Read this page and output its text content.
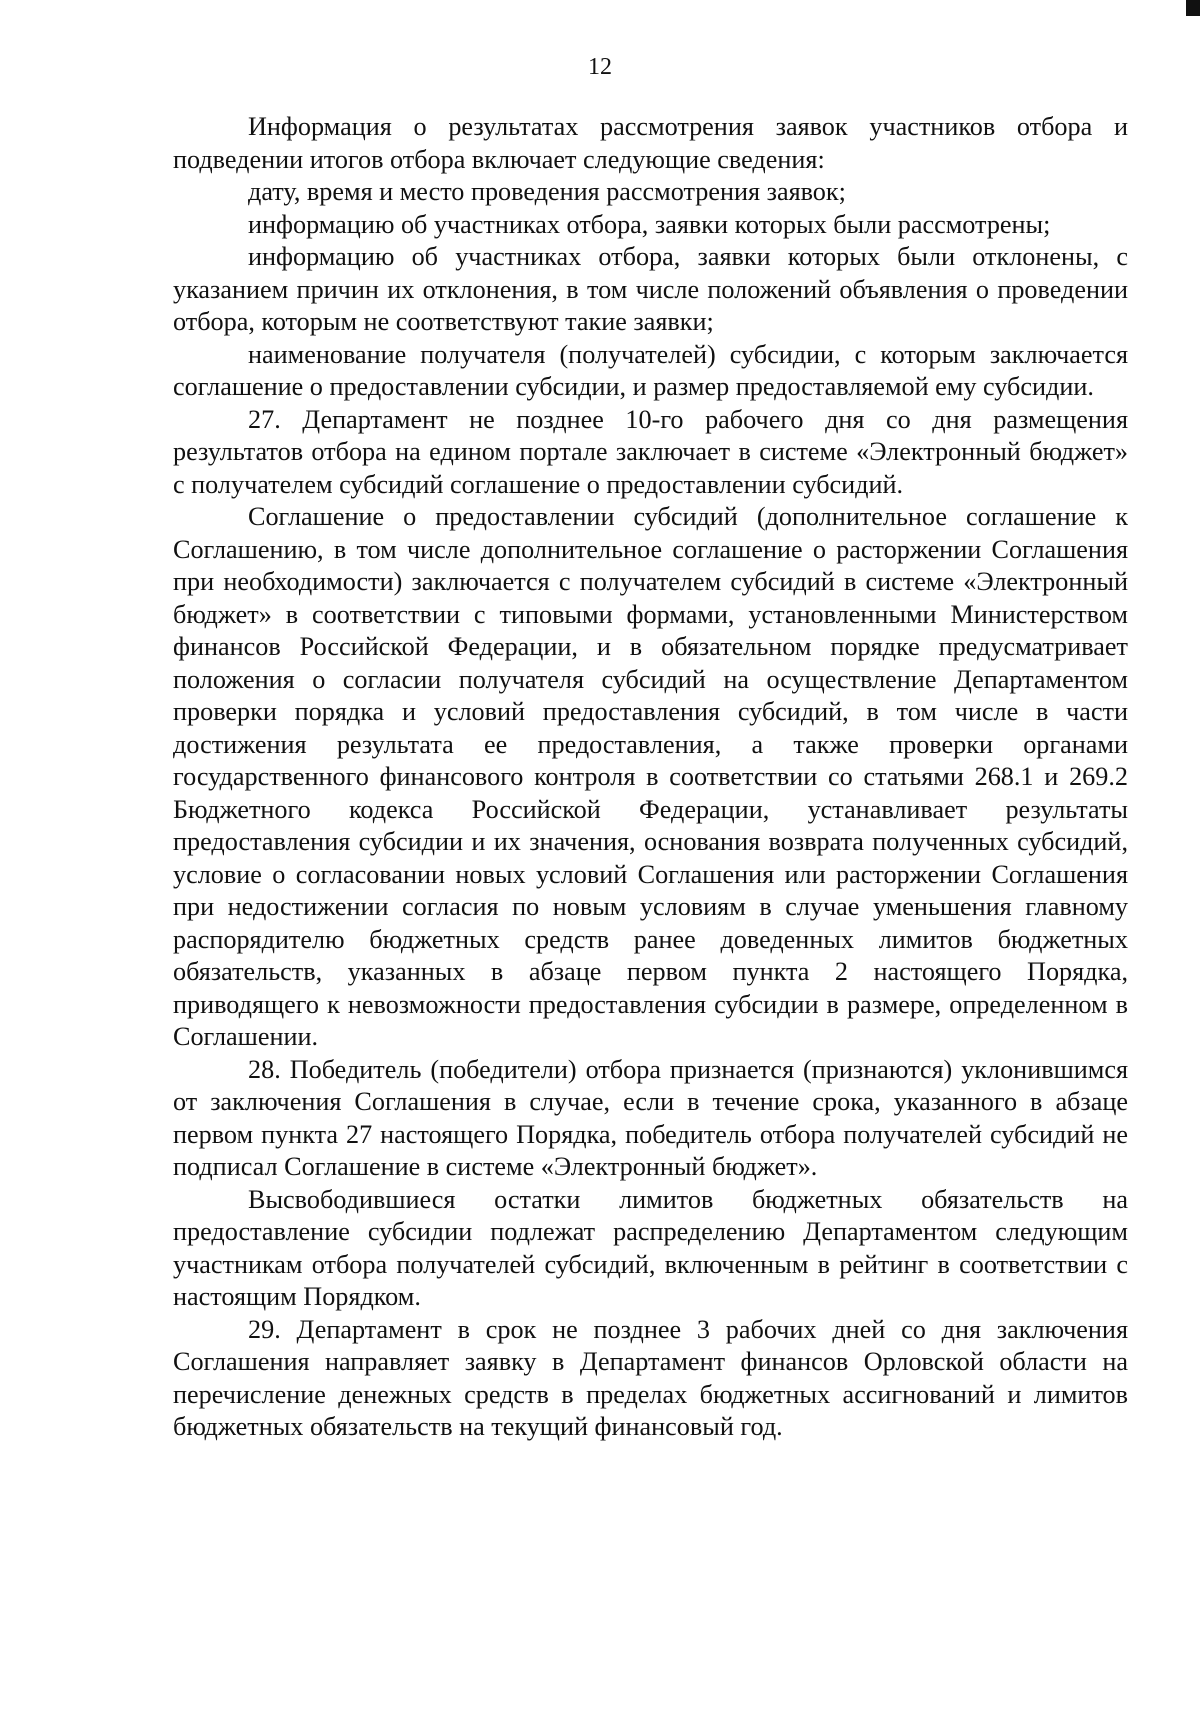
12

Информация о результатах рассмотрения заявок участников отбора и подведении итогов отбора включает следующие сведения:

дату, время и место проведения рассмотрения заявок;

информацию об участниках отбора, заявки которых были рассмотрены;

информацию об участниках отбора, заявки которых были отклонены, с указанием причин их отклонения, в том числе положений объявления о проведении отбора, которым не соответствуют такие заявки;

наименование получателя (получателей) субсидии, с которым заключается соглашение о предоставлении субсидии, и размер предоставляемой ему субсидии.

27. Департамент не позднее 10-го рабочего дня со дня размещения результатов отбора на едином портале заключает в системе «Электронный бюджет» с получателем субсидий соглашение о предоставлении субсидий.

Соглашение о предоставлении субсидий (дополнительное соглашение к Соглашению, в том числе дополнительное соглашение о расторжении Соглашения при необходимости) заключается с получателем субсидий в системе «Электронный бюджет» в соответствии с типовыми формами, установленными Министерством финансов Российской Федерации, и в обязательном порядке предусматривает положения о согласии получателя субсидий на осуществление Департаментом проверки порядка и условий предоставления субсидий, в том числе в части достижения результата ее предоставления, а также проверки органами государственного финансового контроля в соответствии со статьями 268.1 и 269.2 Бюджетного кодекса Российской Федерации, устанавливает результаты предоставления субсидии и их значения, основания возврата полученных субсидий, условие о согласовании новых условий Соглашения или расторжении Соглашения при недостижении согласия по новым условиям в случае уменьшения главному распорядителю бюджетных средств ранее доведенных лимитов бюджетных обязательств, указанных в абзаце первом пункта 2 настоящего Порядка, приводящего к невозможности предоставления субсидии в размере, определенном в Соглашении.

28. Победитель (победители) отбора признается (признаются) уклонившимся от заключения Соглашения в случае, если в течение срока, указанного в абзаце первом пункта 27 настоящего Порядка, победитель отбора получателей субсидий не подписал Соглашение в системе «Электронный бюджет».

Высвободившиеся остатки лимитов бюджетных обязательств на предоставление субсидии подлежат распределению Департаментом следующим участникам отбора получателей субсидий, включенным в рейтинг в соответствии с настоящим Порядком.

29. Департамент в срок не позднее 3 рабочих дней со дня заключения Соглашения направляет заявку в Департамент финансов Орловской области на перечисление денежных средств в пределах бюджетных ассигнований и лимитов бюджетных обязательств на текущий финансовый год.
